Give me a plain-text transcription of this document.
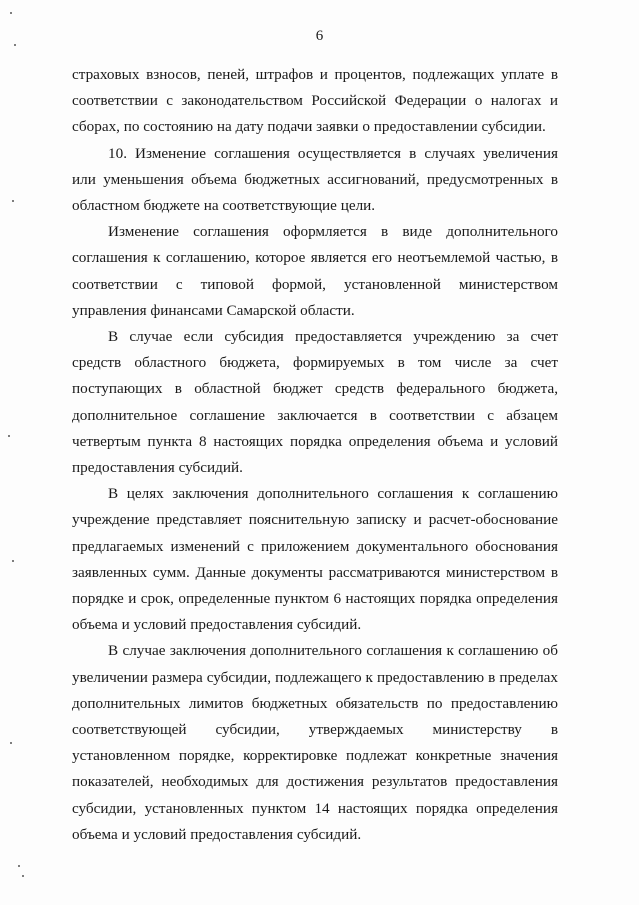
6

страховых взносов, пеней, штрафов и процентов, подлежащих уплате в соответствии с законодательством Российской Федерации о налогах и сборах, по состоянию на дату подачи заявки о предоставлении субсидии.

10. Изменение соглашения осуществляется в случаях увеличения или уменьшения объема бюджетных ассигнований, предусмотренных в областном бюджете на соответствующие цели.

Изменение соглашения оформляется в виде дополнительного соглашения к соглашению, которое является его неотъемлемой частью, в соответствии с типовой формой, установленной министерством управления финансами Самарской области.

В случае если субсидия предоставляется учреждению за счет средств областного бюджета, формируемых в том числе за счет поступающих в областной бюджет средств федерального бюджета, дополнительное соглашение заключается в соответствии с абзацем четвертым пункта 8 настоящих порядка определения объема и условий предоставления субсидий.

В целях заключения дополнительного соглашения к соглашению учреждение представляет пояснительную записку и расчет-обоснование предлагаемых изменений с приложением документального обоснования заявленных сумм. Данные документы рассматриваются министерством в порядке и срок, определенные пунктом 6 настоящих порядка определения объема и условий предоставления субсидий.

В случае заключения дополнительного соглашения к соглашению об увеличении размера субсидии, подлежащего к предоставлению в пределах дополнительных лимитов бюджетных обязательств по предоставлению соответствующей субсидии, утверждаемых министерству в установленном порядке, корректировке подлежат конкретные значения показателей, необходимых для достижения результатов предоставления субсидии, установленных пунктом 14 настоящих порядка определения объема и условий предоставления субсидий.
